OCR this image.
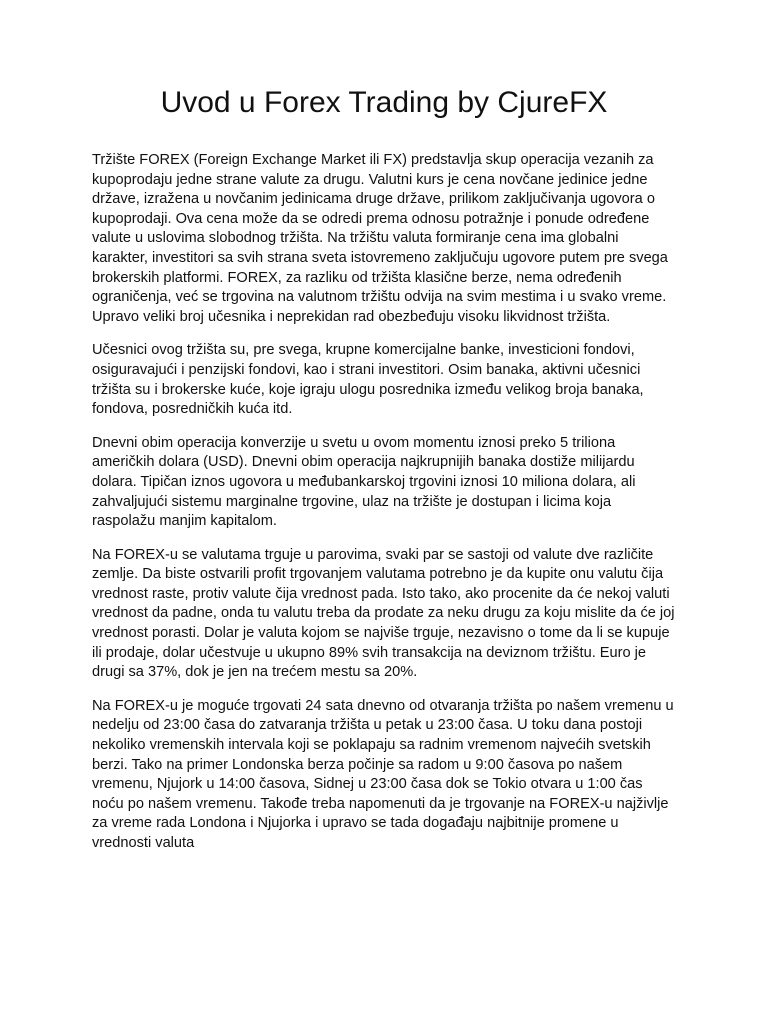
Uvod u Forex Trading by CjureFX

Tržište FOREX (Foreign Exchange Market ili FX) predstavlja skup operacija vezanih za kupoprodaju jedne strane valute za drugu. Valutni kurs je cena novčane jedinice jedne države, izražena u novčanim jedinicama druge države, prilikom zaključivanja ugovora o kupoprodaji. Ova cena može da se odredi prema odnosu potražnje i ponude određene valute u uslovima slobodnog tržišta. Na tržištu valuta formiranje cena ima globalni karakter, investitori sa svih strana sveta istovremeno zaključuju ugovore putem pre svega brokerskih platformi. FOREX, za razliku od tržišta klasične berze, nema određenih ograničenja, već se trgovina na valutnom tržištu odvija na svim mestima i u svako vreme. Upravo veliki broj učesnika i neprekidan rad obezbeđuju visoku likvidnost tržišta.

Učesnici ovog tržišta su, pre svega, krupne komercijalne banke, investicioni fondovi, osiguravajući i penzijski fondovi, kao i strani investitori. Osim banaka, aktivni učesnici tržišta su i brokerske kuće, koje igraju ulogu posrednika između velikog broja banaka, fondova, posredničkih kuća itd.

Dnevni obim operacija konverzije u svetu u ovom momentu iznosi preko 5 triliona američkih dolara (USD). Dnevni obim operacija najkrupnijih banaka dostiže milijardu dolara. Tipičan iznos ugovora u međubankarskoj trgovini iznosi 10 miliona dolara, ali zahvaljujući sistemu marginalne trgovine, ulaz na tržište je dostupan i licima koja raspolažu manjim kapitalom.

Na FOREX-u se valutama trguje u parovima, svaki par se sastoji od valute dve različite zemlje. Da biste ostvarili profit trgovanjem valutama potrebno je da kupite onu valutu čija vrednost raste, protiv valute čija vrednost pada. Isto tako, ako procenite da će nekoj valuti vrednost da padne, onda tu valutu treba da prodate za neku drugu za koju mislite da će joj vrednost porasti. Dolar je valuta kojom se najviše trguje, nezavisno o tome da li se kupuje ili prodaje, dolar učestvuje u ukupno 89% svih transakcija na deviznom tržištu. Euro je drugi sa 37%, dok je jen na trećem mestu sa 20%.

Na FOREX-u je moguće trgovati 24 sata dnevno od otvaranja tržišta po našem vremenu u nedelju od 23:00 časa do zatvaranja tržišta u petak u 23:00 časa. U toku dana postoji nekoliko vremenskih intervala koji se poklapaju sa radnim vremenom najvećih svetskih berzi. Tako na primer Londonska berza počinje sa radom u 9:00 časova po našem vremenu, Njujork u 14:00 časova, Sidnej u 23:00 časa dok se Tokio otvara u 1:00 čas noću po našem vremenu. Takođe treba napomenuti da je trgovanje na FOREX-u najživlje za vreme rada Londona i Njujorka i upravo se tada događaju najbitnije promene u vrednosti valuta
